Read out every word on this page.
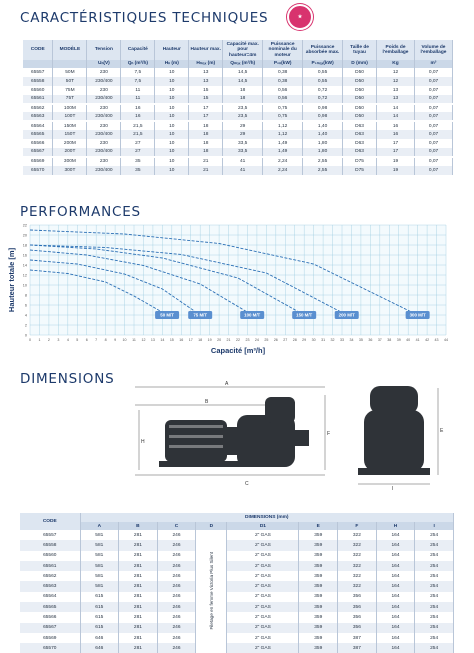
CARACTÉRISTIQUES TECHNIQUES	★
CODE	MODÈLE	Tension	Capacité	Hauteur	Hauteur max.	Capacité max. pour hauteur=4m	Puissance nominale du moteur	Puissance absorbée max.	Taille de tuyau	Poids de l'emballage	Volume de l'emballage
		Uₙ(V)	Qₙ (m³/h)	Hₙ (m)	Hₘₐₓ (m)	Qₘₐₓ (m³/h)	P₂ₙ(kW)	P₁ₘₐₓ(kW)	D (mm)	Kg	m³
65557	50M	230	7,5	10	13	14,5	0,38	0,55	D50	12	0,07
65558	50T	230/400	7,5	10	13	14,5	0,38	0,55	D50	12	0,07
65560	75M	230	11	10	15	18	0,56	0,72	D50	13	0,07
65561	75T	230/400	11	10	15	18	0,56	0,72	D50	13	0,07
65562	100M	230	16	10	17	23,5	0,75	0,98	D50	14	0,07
65563	100T	230/400	16	10	17	23,5	0,75	0,98	D50	14	0,07
65564	150M	230	21,5	10	18	29	1,12	1,40	D63	16	0,07
65565	150T	230/400	21,5	10	18	29	1,12	1,40	D63	16	0,07
65566	200M	230	27	10	18	33,5	1,49	1,80	D63	17	0,07
65567	200T	230/400	27	10	18	33,5	1,49	1,80	D63	17	0,07
65569	300M	230	35	10	21	41	2,24	2,55	D75	19	0,07
65570	300T	230/400	35	10	21	41	2,24	2,55	D75	19	0,07
PERFORMANCES
0 1 2 3 4 5 6 7 8 9 10 11 12 13 14 15 16 17 18 19 20 21 22 23 24 25 26 27 28 29 30 31 32 33 34 35 36 37 38 39 40 41 42 43 44
0
2
4
6
8
10
12
14
16
18
20
22
Capacité [m³/h]
Hauteur totale [m]
50 M/T	75 M/T	100 M/T	150 M/T	200 M/T	300 M/T
DIMENSIONS	A
B
H
C
F
I
E
CODE	DIMENSIONS (mm)								
	A	B	C	D	D1	E	F	H	I
65557	581	281	246	Filetage en femme Victoria Plus Silent	2" GAS	359	322	164	254
65558	581	281	246		2" GAS	359	322	164	254
65560	581	281	246		2" GAS	359	322	164	254
65561	581	281	246		2" GAS	359	322	164	254
65562	581	281	246		2" GAS	359	322	164	254
65563	581	281	246		2" GAS	359	322	164	254
65564	615	281	246		2" GAS	359	356	164	254
65565	615	281	246		2" GAS	359	356	164	254
65566	615	281	246		2" GAS	359	356	164	254
65567	615	281	246		2" GAS	359	356	164	254
65569	646	281	246		2" GAS	359	387	164	254
65570	646	281	246		2" GAS	359	387	164	254
